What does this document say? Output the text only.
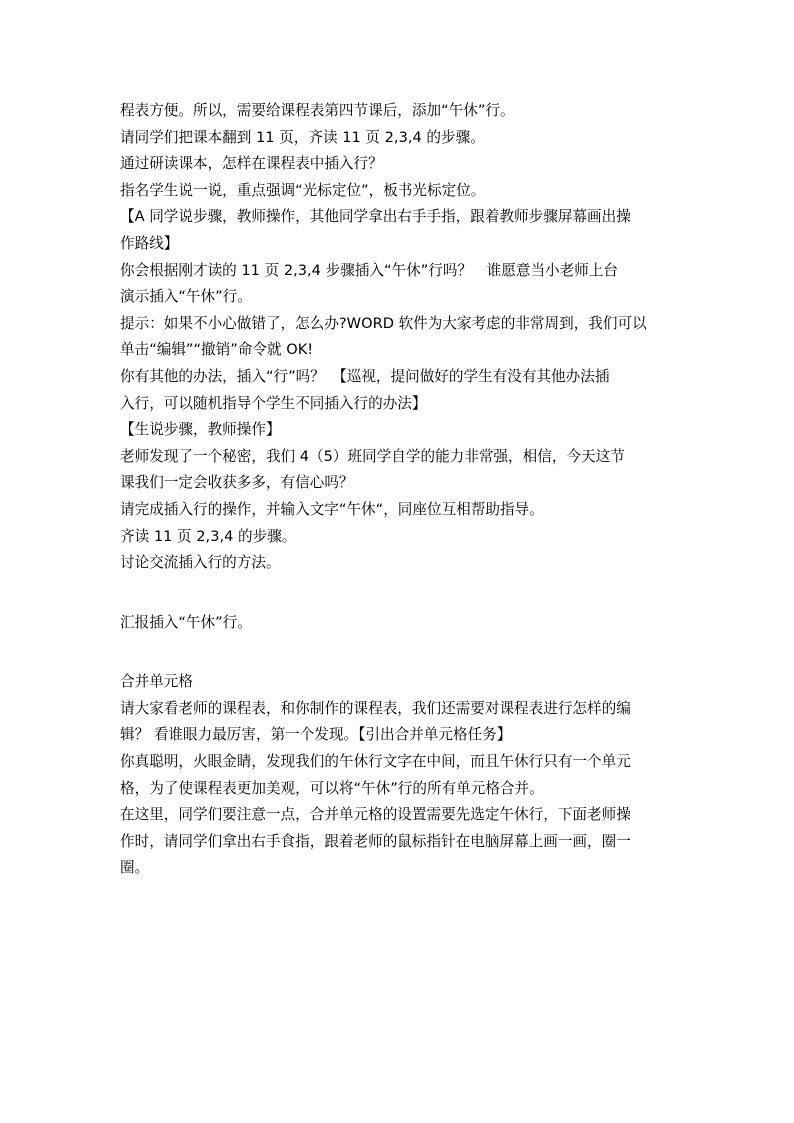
程表方便。所以，需要给课程表第四节课后，添加“午休”行。
请同学们把课本翻到 11 页，齐读 11 页 2,3,4 的步骤。
通过研读课本，怎样在课程表中插入行？
指名学生说一说，重点强调“光标定位”，板书光标定位。
【A 同学说步骤，教师操作，其他同学拿出右手手指，跟着教师步骤屏幕画出操
作路线】
你会根据刚才读的 11 页 2,3,4 步骤插入“午休”行吗？　谁愿意当小老师上台
演示插入“午休”行。
提示：如果不小心做错了，怎么办?WORD 软件为大家考虑的非常周到，我们可以
单击“编辑”“撤销”命令就 OK!
你有其他的办法，插入“行”吗？　【巡视，提问做好的学生有没有其他办法插
入行，可以随机指导个学生不同插入行的办法】
【生说步骤，教师操作】
老师发现了一个秘密，我们 4（5）班同学自学的能力非常强，相信，今天这节
课我们一定会收获多多，有信心吗？
请完成插入行的操作，并输入文字“午休“，同座位互相帮助指导。
齐读 11 页 2,3,4 的步骤。
讨论交流插入行的方法。
汇报插入“午休”行。
合并单元格
请大家看老师的课程表，和你制作的课程表，我们还需要对课程表进行怎样的编
辑？ 看谁眼力最厉害，第一个发现。【引出合并单元格任务】
你真聪明，火眼金睛，发现我们的午休行文字在中间，而且午休行只有一个单元
格，为了使课程表更加美观，可以将“午休”行的所有单元格合并。
在这里，同学们要注意一点，合并单元格的设置需要先选定午休行，下面老师操
作时，请同学们拿出右手食指，跟着老师的鼠标指针在电脑屏幕上画一画，圈一
圈。
